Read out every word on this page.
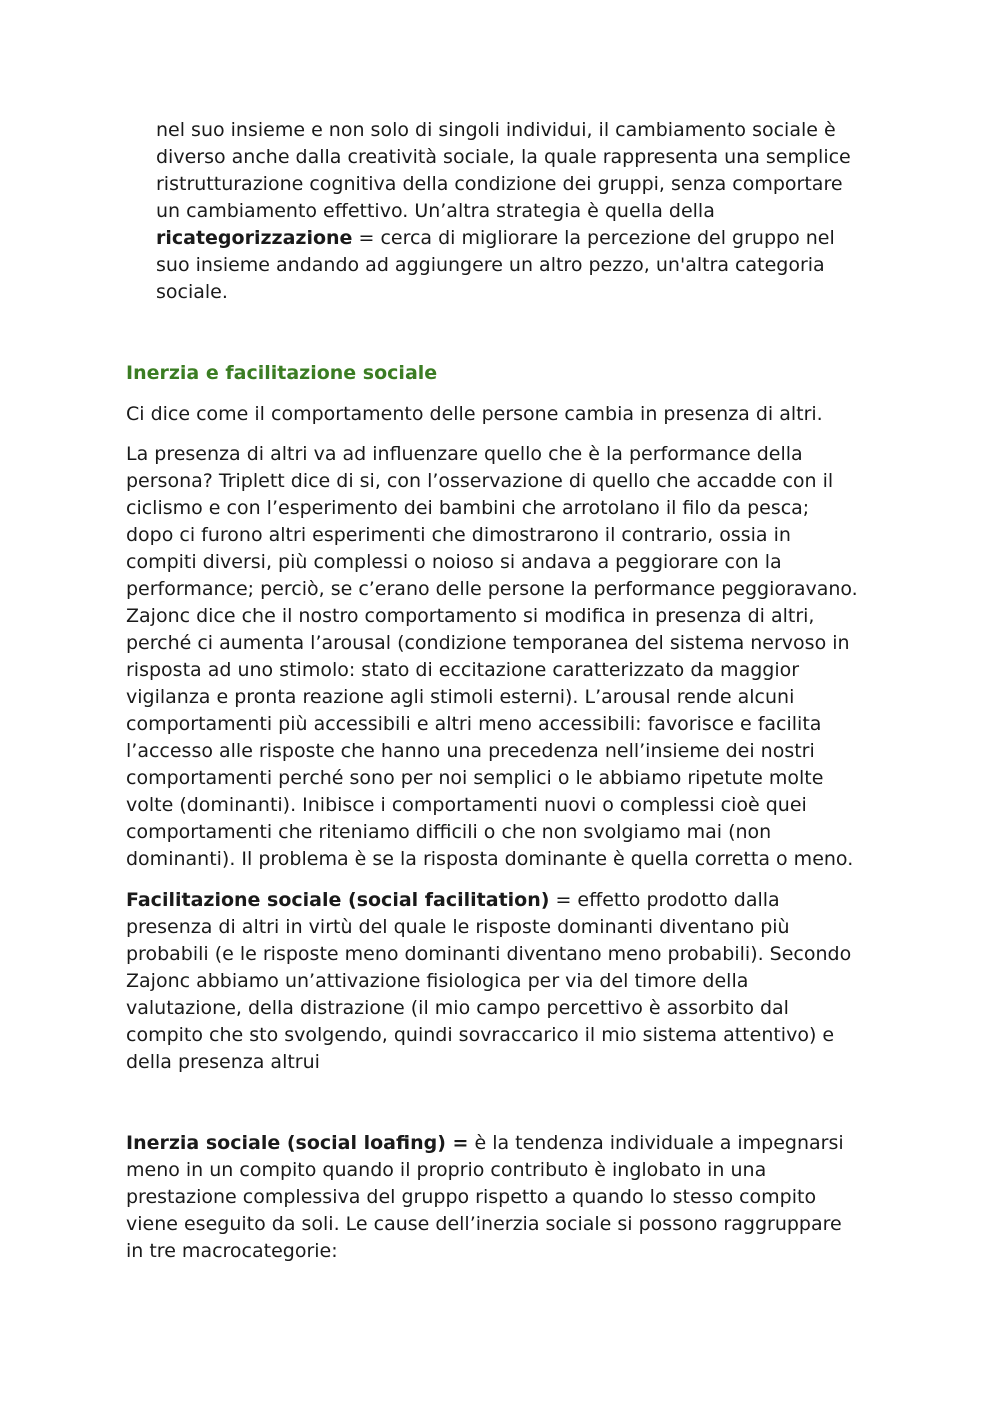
nel suo insieme e non solo di singoli individui, il cambiamento sociale è
diverso anche dalla creatività sociale, la quale rappresenta una semplice
ristrutturazione cognitiva della condizione dei gruppi, senza comportare
un cambiamento effettivo. Un’altra strategia è quella della
ricategorizzazione = cerca di migliorare la percezione del gruppo nel
suo insieme andando ad aggiungere un altro pezzo, un'altra categoria
sociale.

Inerzia e facilitazione sociale

Ci dice come il comportamento delle persone cambia in presenza di altri.

La presenza di altri va ad influenzare quello che è la performance della
persona? Triplett dice di si, con l’osservazione di quello che accadde con il
ciclismo e con l’esperimento dei bambini che arrotolano il filo da pesca;
dopo ci furono altri esperimenti che dimostrarono il contrario, ossia in
compiti diversi, più complessi o noioso si andava a peggiorare con la
performance; perciò, se c’erano delle persone la performance peggioravano.
Zajonc dice che il nostro comportamento si modifica in presenza di altri,
perché ci aumenta l’arousal (condizione temporanea del sistema nervoso in
risposta ad uno stimolo: stato di eccitazione caratterizzato da maggior
vigilanza e pronta reazione agli stimoli esterni). L’arousal rende alcuni
comportamenti più accessibili e altri meno accessibili: favorisce e facilita
l’accesso alle risposte che hanno una precedenza nell’insieme dei nostri
comportamenti perché sono per noi semplici o le abbiamo ripetute molte
volte (dominanti). Inibisce i comportamenti nuovi o complessi cioè quei
comportamenti che riteniamo difficili o che non svolgiamo mai (non
dominanti). Il problema è se la risposta dominante è quella corretta o meno.

Facilitazione sociale (social facilitation) = effetto prodotto dalla
presenza di altri in virtù del quale le risposte dominanti diventano più
probabili (e le risposte meno dominanti diventano meno probabili). Secondo
Zajonc abbiamo un’attivazione fisiologica per via del timore della
valutazione, della distrazione (il mio campo percettivo è assorbito dal
compito che sto svolgendo, quindi sovraccarico il mio sistema attentivo) e
della presenza altrui

Inerzia sociale (social loafing) = è la tendenza individuale a impegnarsi
meno in un compito quando il proprio contributo è inglobato in una
prestazione complessiva del gruppo rispetto a quando lo stesso compito
viene eseguito da soli. Le cause dell’inerzia sociale si possono raggruppare
in tre macrocategorie:
